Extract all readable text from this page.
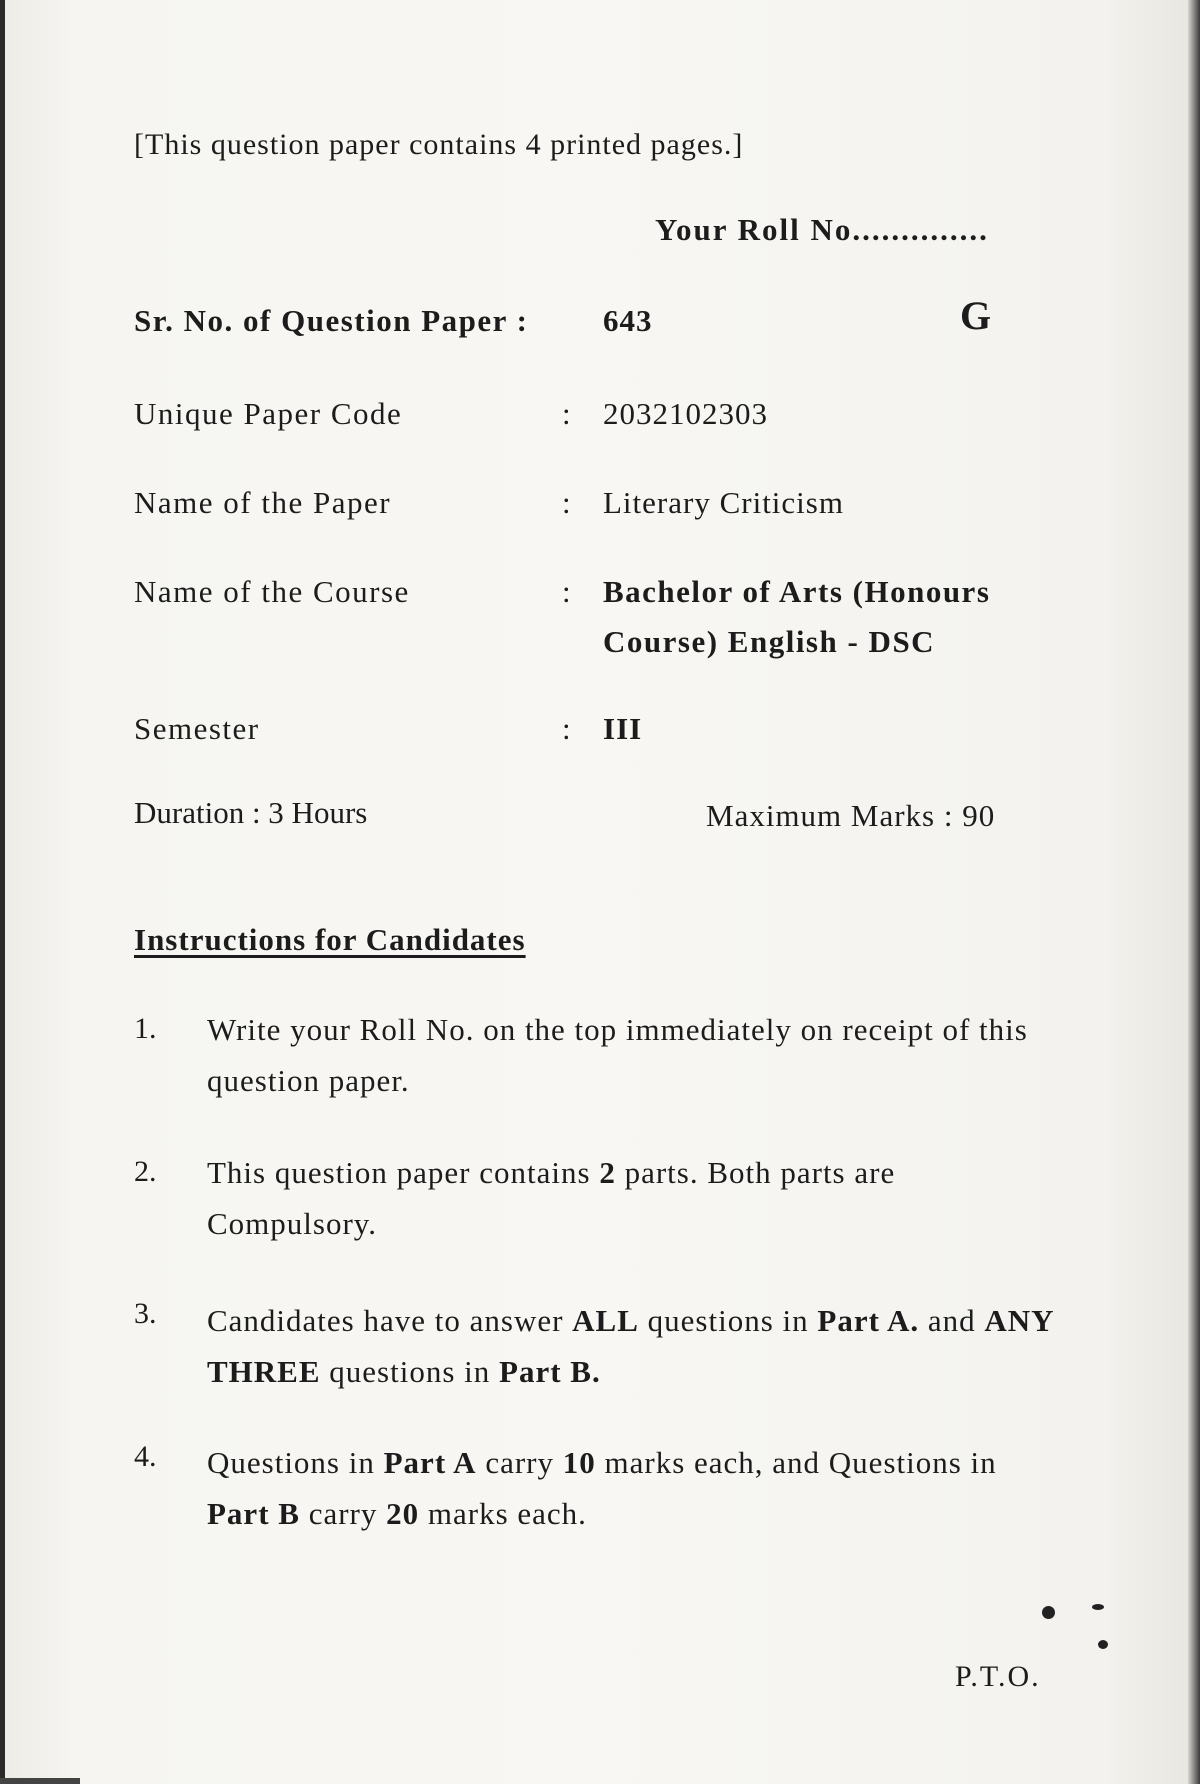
[This question paper contains 4 printed pages.]
Your Roll No..............
Sr. No. of Question Paper : 643	G
Unique Paper Code	: 2032102303
Name of the Paper	: Literary Criticism
Name of the Course	: Bachelor of Arts (Honours
Course) English - DSC
Semester	: III
Duration : 3 Hours	Maximum Marks : 90
Instructions for Candidates
1. Write your Roll No. on the top immediately on receipt of this question paper.
2. This question paper contains 2 parts. Both parts are Compulsory.
3. Candidates have to answer ALL questions in Part A. and ANY THREE questions in Part B.
4. Questions in Part A carry 10 marks each, and Questions in Part B carry 20 marks each.
P.T.O.
